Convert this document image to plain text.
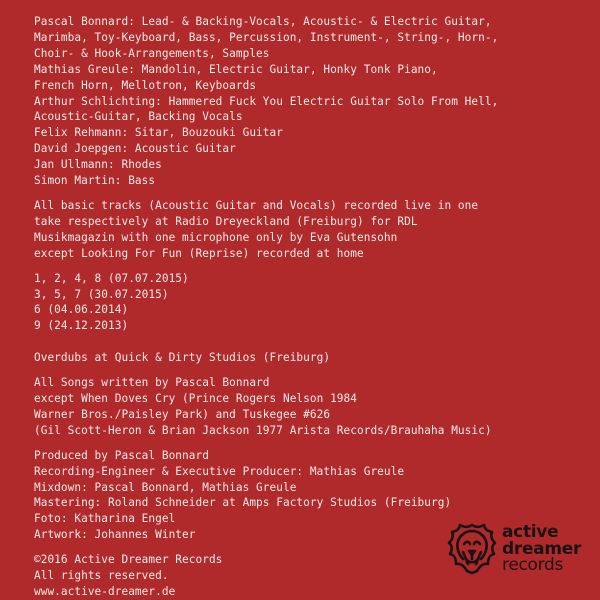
Pascal Bonnard: Lead- & Backing-Vocals, Acoustic- & Electric Guitar,
Marimba, Toy-Keyboard, Bass, Percussion, Instrument-, String-, Horn-,
Choir- & Hook-Arrangements, Samples
Mathias Greule: Mandolin, Electric Guitar, Honky Tonk Piano,
French Horn, Mellotron, Keyboards
Arthur Schlichting: Hammered Fuck You Electric Guitar Solo From Hell,
Acoustic-Guitar, Backing Vocals
Felix Rehmann: Sitar, Bouzouki Guitar
David Joepgen: Acoustic Guitar
Jan Ullmann: Rhodes
Simon Martin: Bass
All basic tracks (Acoustic Guitar and Vocals) recorded live in one
take respectively at Radio Dreyeckland (Freiburg) for RDL
Musikmagazin with one microphone only by Eva Gutensohn
except Looking For Fun (Reprise) recorded at home
1, 2, 4, 8 (07.07.2015)
3, 5, 7 (30.07.2015)
6 (04.06.2014)
9 (24.12.2013)
Overdubs at Quick & Dirty Studios (Freiburg)
All Songs written by Pascal Bonnard
except When Doves Cry (Prince Rogers Nelson 1984
Warner Bros./Paisley Park) and Tuskegee #626
(Gil Scott-Heron & Brian Jackson 1977 Arista Records/Brauhaha Music)
Produced by Pascal Bonnard
Recording-Engineer & Executive Producer: Mathias Greule
Mixdown: Pascal Bonnard, Mathias Greule
Mastering: Roland Schneider at Amps Factory Studios (Freiburg)
Foto: Katharina Engel
Artwork: Johannes Winter
©2016 Active Dreamer Records
All rights reserved.
www.active-dreamer.de
active
dreamer
records
